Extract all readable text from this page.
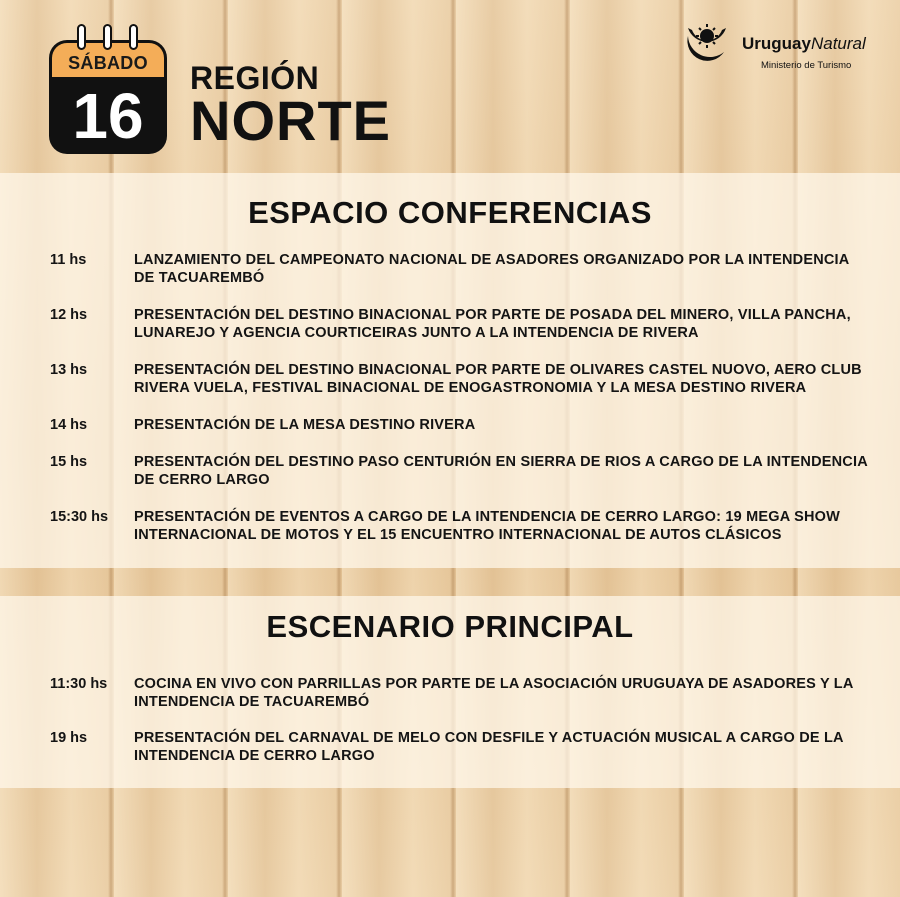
SÁBADO
16
REGIÓN
NORTE
UruguayNatural
Ministerio de Turismo
ESPACIO CONFERENCIAS
11 hs	LANZAMIENTO DEL CAMPEONATO NACIONAL DE ASADORES ORGANIZADO POR LA INTENDENCIA DE TACUAREMBÓ
12 hs	PRESENTACIÓN DEL DESTINO BINACIONAL POR PARTE DE POSADA DEL MINERO, VILLA PANCHA, LUNAREJO Y AGENCIA COURTICEIRAS JUNTO A LA INTENDENCIA DE RIVERA
13 hs	PRESENTACIÓN DEL DESTINO BINACIONAL POR PARTE DE OLIVARES CASTEL NUOVO, AERO CLUB RIVERA VUELA, FESTIVAL BINACIONAL DE ENOGASTRONOMIA Y LA MESA DESTINO RIVERA
14 hs	PRESENTACIÓN DE LA MESA DESTINO RIVERA
15 hs	PRESENTACIÓN DEL DESTINO PASO CENTURIÓN EN SIERRA DE RIOS A CARGO DE LA INTENDENCIA DE CERRO LARGO
15:30 hs	PRESENTACIÓN DE EVENTOS A CARGO DE LA INTENDENCIA DE CERRO LARGO: 19 MEGA SHOW INTERNACIONAL DE MOTOS Y EL 15 ENCUENTRO INTERNACIONAL DE AUTOS CLÁSICOS
ESCENARIO PRINCIPAL
11:30 hs	COCINA EN VIVO CON PARRILLAS POR PARTE DE LA ASOCIACIÓN URUGUAYA DE ASADORES Y LA INTENDENCIA DE TACUAREMBÓ
19 hs	PRESENTACIÓN DEL CARNAVAL DE MELO CON DESFILE Y ACTUACIÓN MUSICAL A CARGO DE LA INTENDENCIA DE CERRO LARGO
